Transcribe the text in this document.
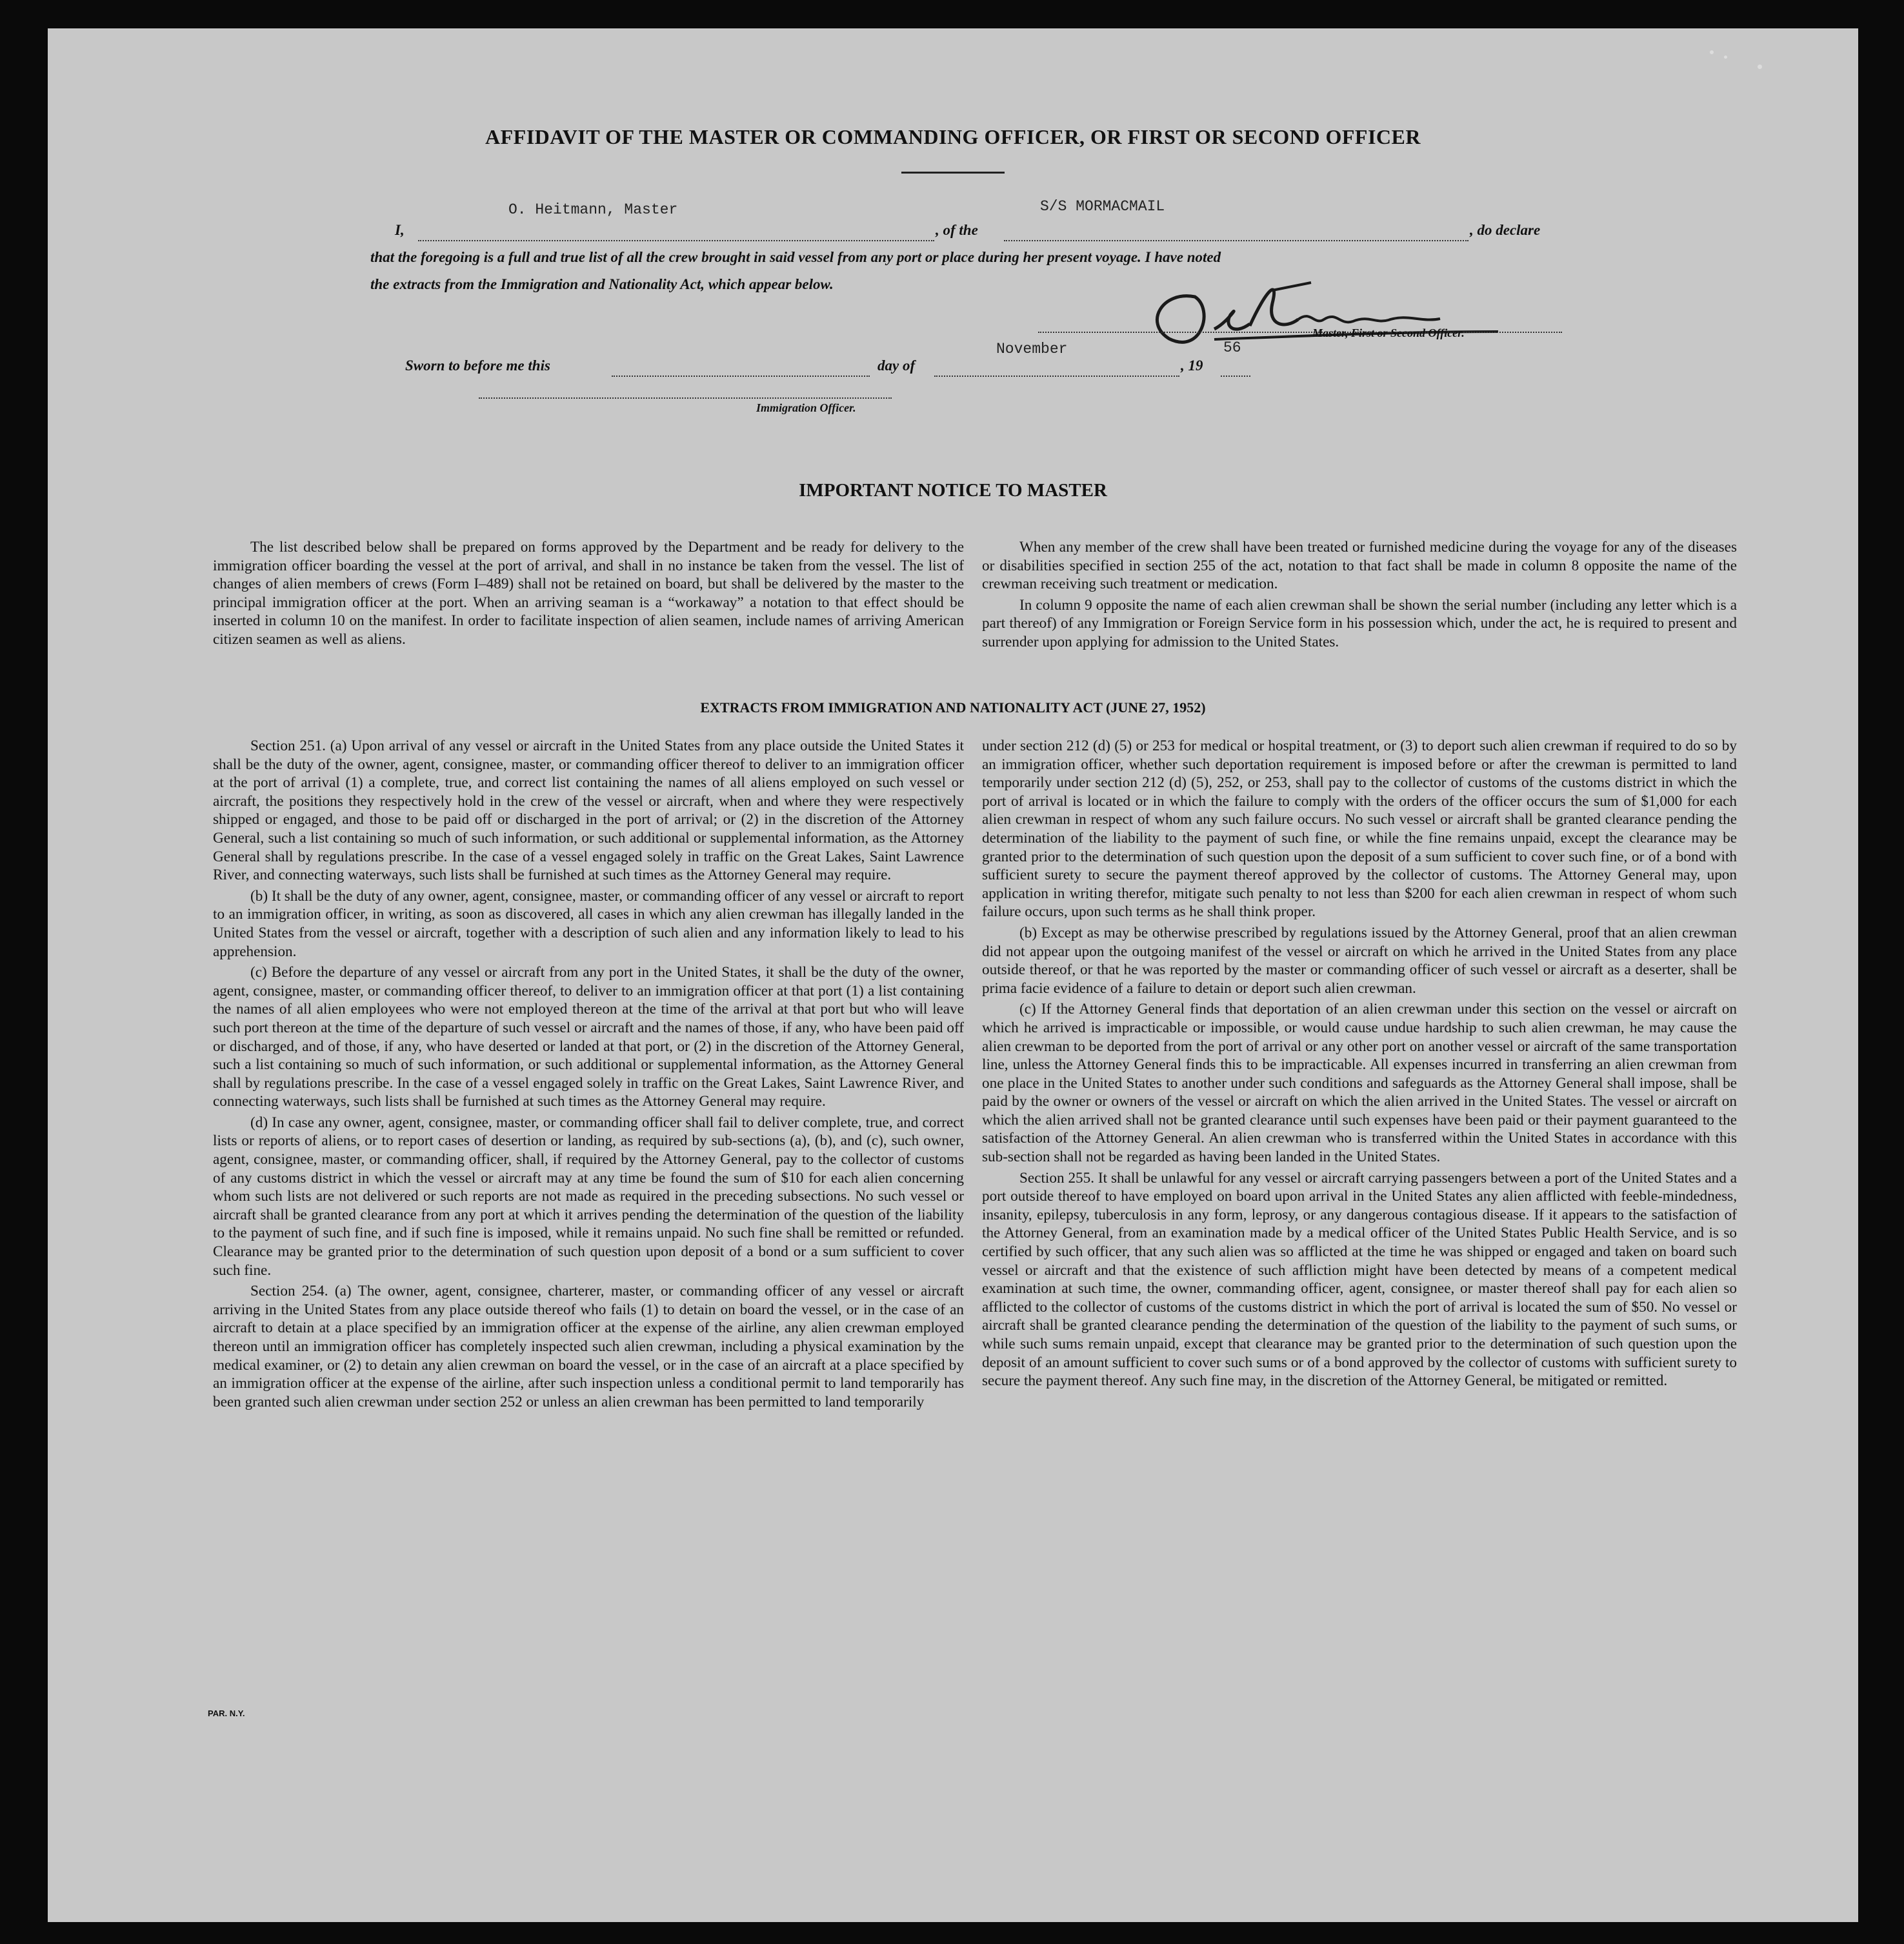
AFFIDAVIT OF THE MASTER OR COMMANDING OFFICER, OR FIRST OR SECOND OFFICER
I,
O. Heitmann, Master
, of the
S/S MORMACMAIL
, do declare
that the foregoing is a full and true list of all the crew brought in said vessel from any port or place during her present voyage. I have noted
the extracts from the Immigration and Nationality Act, which appear below.
Master, First or Second Officer.
Sworn to before me this	day of
November
, 19
56
Immigration Officer.
IMPORTANT NOTICE TO MASTER

The list described below shall be prepared on forms approved by the Department and be ready for delivery to the immigration officer boarding the vessel at the port of arrival, and shall in no instance be taken from the vessel. The list of changes of alien members of crews (Form I–489) shall not be retained on board, but shall be delivered by the master to the principal immigration officer at the port. When an arriving seaman is a “workaway” a notation to that effect should be inserted in column 10 on the manifest. In order to facilitate inspection of alien seamen, include names of arriving American citizen seamen as well as aliens.

When any member of the crew shall have been treated or furnished medicine during the voyage for any of the diseases or disabilities specified in section 255 of the act, notation to that fact shall be made in column 8 opposite the name of the crewman receiving such treatment or medication.

In column 9 opposite the name of each alien crewman shall be shown the serial number (including any letter which is a part thereof) of any Immigration or Foreign Service form in his possession which, under the act, he is required to present and surrender upon applying for admission to the United States.

EXTRACTS FROM IMMIGRATION AND NATIONALITY ACT (JUNE 27, 1952)

Section 251. (a) Upon arrival of any vessel or aircraft in the United States from any place outside the United States it shall be the duty of the owner, agent, consignee, master, or commanding officer thereof to deliver to an immigration officer at the port of arrival (1) a complete, true, and correct list containing the names of all aliens employed on such vessel or aircraft, the positions they respectively hold in the crew of the vessel or aircraft, when and where they were respectively shipped or engaged, and those to be paid off or discharged in the port of arrival; or (2) in the discretion of the Attorney General, such a list containing so much of such information, or such additional or supplemental information, as the Attorney General shall by regulations prescribe. In the case of a vessel engaged solely in traffic on the Great Lakes, Saint Lawrence River, and connecting waterways, such lists shall be furnished at such times as the Attorney General may require.

(b) It shall be the duty of any owner, agent, consignee, master, or commanding officer of any vessel or aircraft to report to an immigration officer, in writing, as soon as discovered, all cases in which any alien crewman has illegally landed in the United States from the vessel or aircraft, together with a description of such alien and any information likely to lead to his apprehension.

(c) Before the departure of any vessel or aircraft from any port in the United States, it shall be the duty of the owner, agent, consignee, master, or commanding officer thereof, to deliver to an immigration officer at that port (1) a list containing the names of all alien employees who were not employed thereon at the time of the arrival at that port but who will leave such port thereon at the time of the departure of such vessel or aircraft and the names of those, if any, who have been paid off or discharged, and of those, if any, who have deserted or landed at that port, or (2) in the discretion of the Attorney General, such a list containing so much of such information, or such additional or supplemental information, as the Attorney General shall by regulations prescribe. In the case of a vessel engaged solely in traffic on the Great Lakes, Saint Lawrence River, and connecting waterways, such lists shall be furnished at such times as the Attorney General may require.

(d) In case any owner, agent, consignee, master, or commanding officer shall fail to deliver complete, true, and correct lists or reports of aliens, or to report cases of desertion or landing, as required by sub-sections (a), (b), and (c), such owner, agent, consignee, master, or commanding officer, shall, if required by the Attorney General, pay to the collector of customs of any customs district in which the vessel or aircraft may at any time be found the sum of $10 for each alien concerning whom such lists are not delivered or such reports are not made as required in the preceding subsections. No such vessel or aircraft shall be granted clearance from any port at which it arrives pending the determination of the question of the liability to the payment of such fine, and if such fine is imposed, while it remains unpaid. No such fine shall be remitted or refunded. Clearance may be granted prior to the determination of such question upon deposit of a bond or a sum sufficient to cover such fine.

Section 254. (a) The owner, agent, consignee, charterer, master, or commanding officer of any vessel or aircraft arriving in the United States from any place outside thereof who fails (1) to detain on board the vessel, or in the case of an aircraft to detain at a place specified by an immigration officer at the expense of the airline, any alien crewman employed thereon until an immigration officer has completely inspected such alien crewman, including a physical examination by the medical examiner, or (2) to detain any alien crewman on board the vessel, or in the case of an aircraft at a place specified by an immigration officer at the expense of the airline, after such inspection unless a conditional permit to land temporarily has been granted such alien crewman under section 252 or unless an alien crewman has been permitted to land temporarily

under section 212 (d) (5) or 253 for medical or hospital treatment, or (3) to deport such alien crewman if required to do so by an immigration officer, whether such deportation requirement is imposed before or after the crewman is permitted to land temporarily under section 212 (d) (5), 252, or 253, shall pay to the collector of customs of the customs district in which the port of arrival is located or in which the failure to comply with the orders of the officer occurs the sum of $1,000 for each alien crewman in respect of whom any such failure occurs. No such vessel or aircraft shall be granted clearance pending the determination of the liability to the payment of such fine, or while the fine remains unpaid, except the clearance may be granted prior to the determination of such question upon the deposit of a sum sufficient to cover such fine, or of a bond with sufficient surety to secure the payment thereof approved by the collector of customs. The Attorney General may, upon application in writing therefor, mitigate such penalty to not less than $200 for each alien crewman in respect of whom such failure occurs, upon such terms as he shall think proper.

(b) Except as may be otherwise prescribed by regulations issued by the Attorney General, proof that an alien crewman did not appear upon the outgoing manifest of the vessel or aircraft on which he arrived in the United States from any place outside thereof, or that he was reported by the master or commanding officer of such vessel or aircraft as a deserter, shall be prima facie evidence of a failure to detain or deport such alien crewman.

(c) If the Attorney General finds that deportation of an alien crewman under this section on the vessel or aircraft on which he arrived is impracticable or impossible, or would cause undue hardship to such alien crewman, he may cause the alien crewman to be deported from the port of arrival or any other port on another vessel or aircraft of the same transportation line, unless the Attorney General finds this to be impracticable. All expenses incurred in transferring an alien crewman from one place in the United States to another under such conditions and safeguards as the Attorney General shall impose, shall be paid by the owner or owners of the vessel or aircraft on which the alien arrived in the United States. The vessel or aircraft on which the alien arrived shall not be granted clearance until such expenses have been paid or their payment guaranteed to the satisfaction of the Attorney General. An alien crewman who is transferred within the United States in accordance with this sub-section shall not be regarded as having been landed in the United States.

Section 255. It shall be unlawful for any vessel or aircraft carrying passengers between a port of the United States and a port outside thereof to have employed on board upon arrival in the United States any alien afflicted with feeble-mindedness, insanity, epilepsy, tuberculosis in any form, leprosy, or any dangerous contagious disease. If it appears to the satisfaction of the Attorney General, from an examination made by a medical officer of the United States Public Health Service, and is so certified by such officer, that any such alien was so afflicted at the time he was shipped or engaged and taken on board such vessel or aircraft and that the existence of such affliction might have been detected by means of a competent medical examination at such time, the owner, commanding officer, agent, consignee, or master thereof shall pay for each alien so afflicted to the collector of customs of the customs district in which the port of arrival is located the sum of $50. No vessel or aircraft shall be granted clearance pending the determination of the question of the liability to the payment of such sums, or while such sums remain unpaid, except that clearance may be granted prior to the determination of such question upon the deposit of an amount sufficient to cover such sums or of a bond approved by the collector of customs with sufficient surety to secure the payment thereof. Any such fine may, in the discretion of the Attorney General, be mitigated or remitted.

PAR. N.Y.
